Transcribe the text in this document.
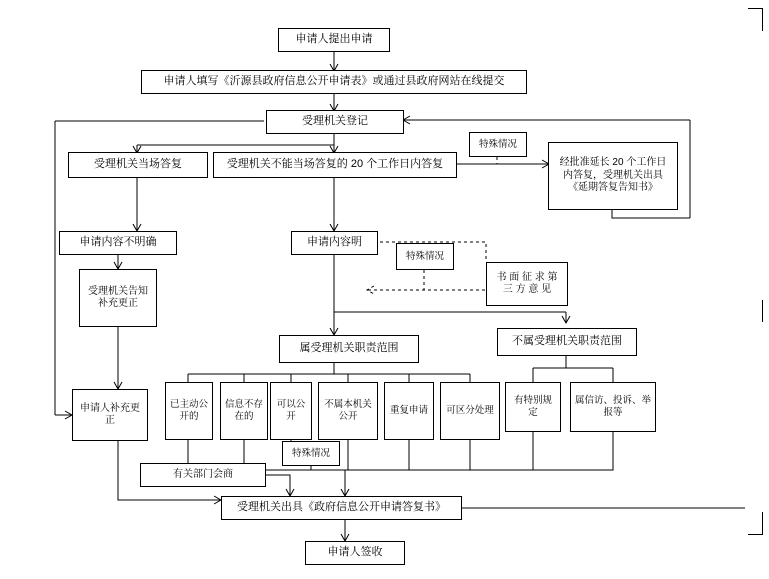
申请人提出申请
申请人填写《沂源县政府信息公开申请表》或通过县政府网站在线提交
受理机关登记
受理机关当场答复	受理机关不能当场答复的 20 个工作日内答复	经批准延长 20 个工作日内答复，受理机关出具《延期答复告知书》
申请内容不明确	申请内容明
书 面 征 求 第 三 方 意 见
受理机关告知补充更正
申请人补充更正
属受理机关职责范围
不属受理机关职责范围
已主动公开的
信息不存在的
可以公开
不属本机关公开
重复申请	可区分处理
有特别规定
属信访、投诉、举报等
有关部门会商
受理机关出具《政府信息公开申请答复书》
申请人签收
特殊情况
特殊情况
特殊情况
